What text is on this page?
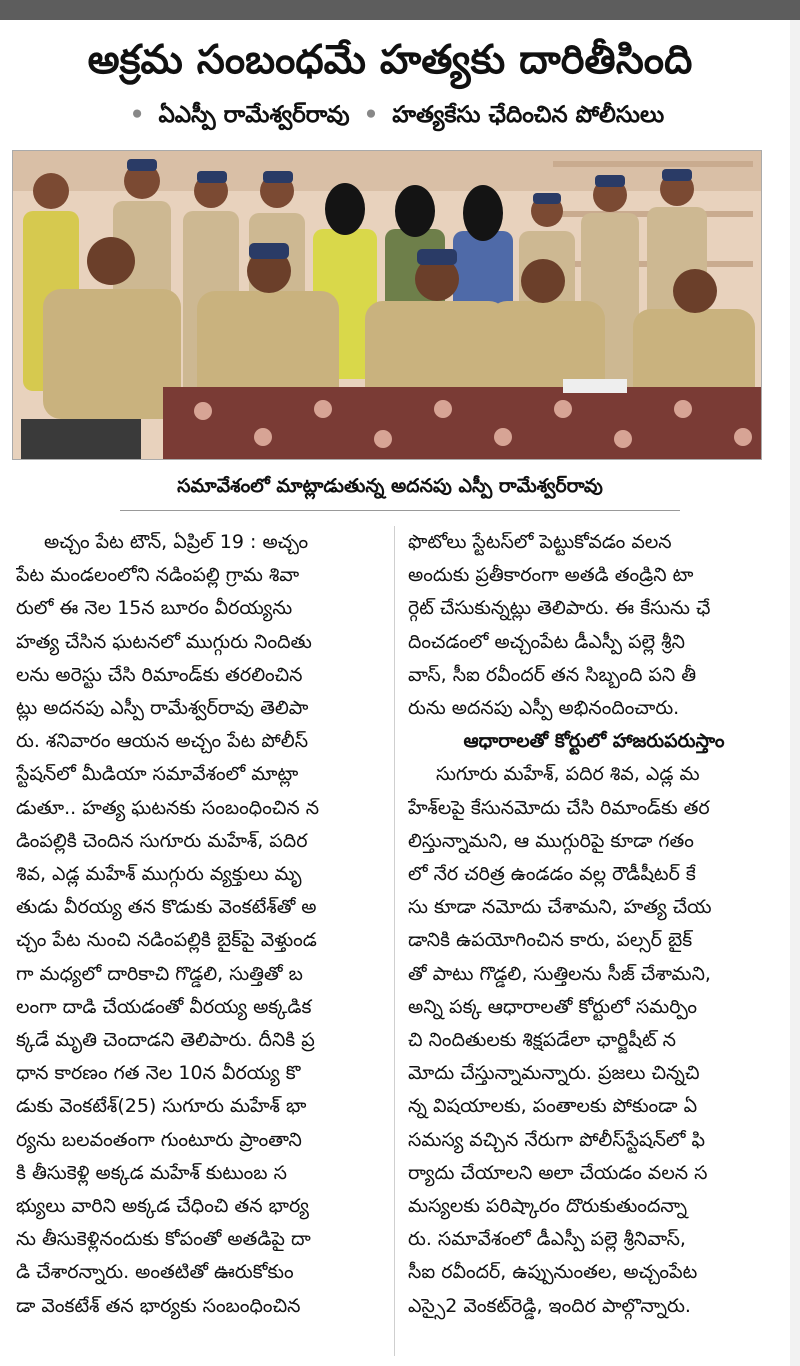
అక్రమ సంబంధమే హత్యకు దారితీసింది
• ఏఎస్పీ రామేశ్వర్‌రావు • హత్యకేసు ఛేదించిన పోలీసులు
సమావేశంలో మాట్లాడుతున్న అదనపు ఎస్పీ రామేశ్వర్‌రావు
అచ్చం పేట టౌన్‌, ఏప్రిల్‌ 19 : అచ్చం
పేట మండలంలోని నడింపల్లి గ్రామ శివా
రులో ఈ నెల 15న బూరం వీరయ్యను
హత్య చేసిన ఘటనలో ముగ్గురు నిందితు
లను అరెస్టు చేసి రిమాండ్‌కు తరలించిన
ట్లు అదనపు ఎస్పీ రామేశ్వర్‌రావు తెలిపా
రు. శనివారం ఆయన అచ్చం పేట పోలీస్‌
స్టేషన్‌లో మీడియా సమావేశంలో మాట్లా
డుతూ.. హత్య ఘటనకు సంబంధించిన న
డింపల్లికి చెందిన సుగూరు మహేశ్‌, పదిర
శివ, ఎడ్ల మహేశ్‌ ముగ్గురు వ్యక్తులు మృ
తుడు వీరయ్య తన కొడుకు వెంకటేశ్‌తో అ
చ్చం పేట నుంచి నడింపల్లికి బైక్‌పై వెళ్తుండ
గా మధ్యలో దారికాచి గొడ్డలి, సుత్తితో బ
లంగా దాడి చేయడంతో వీరయ్య అక్కడిక
క్కడే మృతి చెందాడని తెలిపారు. దీనికి ప్ర
ధాన కారణం గత నెల 10న వీరయ్య కొ
డుకు వెంకటేశ్‌(25) సుగూరు మహేశ్‌ భా
ర్యను బలవంతంగా గుంటూరు ప్రాంతాని
కి తీసుకెళ్లి అక్కడ మహేశ్‌ కుటుంబ స
భ్యులు వారిని అక్కడ చేధించి తన భార్య
ను తీసుకెళ్లినందుకు కోపంతో అతడిపై దా
డి చేశారన్నారు. అంతటితో ఊరుకోకుం
డా వెంకటేశ్‌ తన భార్యకు సంబంధించిన
ఫొటోలు స్టేటస్‌లో పెట్టుకోవడం వలన
అందుకు ప్రతీకారంగా అతడి తండ్రిని టా
ర్గెట్‌ చేసుకున్నట్లు తెలిపారు. ఈ కేసును ఛే
దించడంలో అచ్చంపేట డీఎస్పీ పల్లె శ్రీని
వాస్‌, సీఐ రవీందర్‌ తన సిబ్బంది పని తీ
రును అదనపు ఎస్పీ అభినందించారు.
ఆధారాలతో కోర్టులో హాజరుపరుస్తాం
సుగూరు మహేశ్‌, పదిర శివ, ఎడ్ల మ
హేశ్‌లపై కేసునమోదు చేసి రిమాండ్‌కు తర
లిస్తున్నామని, ఆ ముగ్గురిపై కూడా గతం
లో నేర చరిత్ర ఉండడం వల్ల రౌడీషీటర్‌ కే
సు కూడా నమోదు చేశామని, హత్య చేయ
డానికి ఉపయోగించిన కారు, పల్సర్‌ బైక్‌
తో పాటు గొడ్డలి, సుత్తిలను సీజ్‌ చేశామని,
అన్ని పక్క ఆధారాలతో కోర్టులో సమర్పిం
చి నిందితులకు శిక్షపడేలా ఛార్జిషీట్‌ న
మోదు చేస్తున్నామన్నారు. ప్రజలు చిన్నచి
న్న విషయాలకు, పంతాలకు పోకుండా ఏ
సమస్య వచ్చిన నేరుగా పోలీస్‌స్టేషన్‌లో ఫి
ర్యాదు చేయాలని అలా చేయడం వలన స
మస్యలకు పరిష్కారం దొరుకుతుందన్నా
రు. సమావేశంలో డీఎస్పీ పల్లె శ్రీనివాస్‌,
సీఐ రవీందర్‌, ఉప్పునుంతల, అచ్చంపేట
ఎస్సై2 వెంకట్‌రెడ్డి, ఇందిర పాల్గొన్నారు.
